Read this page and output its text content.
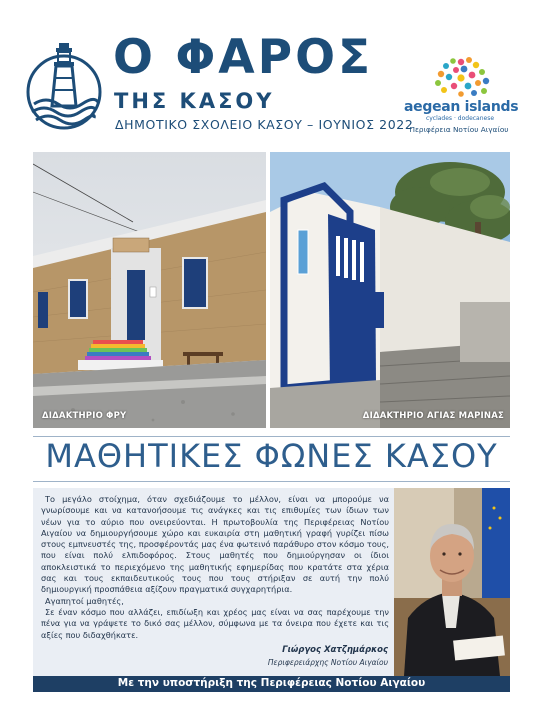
Ο ΦΑΡΟΣ
ΤΗΣ ΚΑΣΟΥ
ΔΗΜΟΤΙΚΟ ΣΧΟΛΕΙΟ ΚΑΣΟΥ – ΙΟΥΝΙΟΣ 2022
aegean islands
cyclades · dodecanese
Περιφέρεια Νοτίου Αιγαίου
ΔΙΔΑΚΤΗΡΙΟ ΦΡΥ	ΔΙΔΑΚΤΗΡΙΟ ΑΓΙΑΣ ΜΑΡΙΝΑΣ
ΜΑΘΗΤΙΚΕΣ ΦΩΝΕΣ ΚΑΣΟΥ

Το μεγάλο στοίχημα, όταν σχεδιάζουμε το μέλλον, είναι να μπορούμε να γνωρίσουμε και να κατανοήσουμε τις ανάγκες και τις επιθυμίες των ίδιων των νέων για το αύριο που ονειρεύονται. Η πρωτοβουλία της Περιφέρειας Νοτίου Αιγαίου να δημιουργήσουμε χώρο και ευκαιρία στη μαθητική γραφή γυρίζει πίσω στους εμπνευστές της, προσφέροντάς μας ένα φωτεινό παράθυρο στον κόσμο τους, που είναι πολύ ελπιδοφόρος. Στους μαθητές που δημιούργησαν οι ίδιοι αποκλειστικά το περιεχόμενο της μαθητικής εφημερίδας που κρατάτε στα χέρια σας και τους εκπαιδευτικούς τους που τους στήριξαν σε αυτή την πολύ δημιουργική προσπάθεια αξίζουν πραγματικά συγχαρητήρια.

Αγαπητοί μαθητές,

Σε έναν κόσμο που αλλάζει, επιδίωξη και χρέος μας είναι να σας παρέχουμε την πένα για να γράψετε το δικό σας μέλλον, σύμφωνα με τα όνειρα που έχετε και τις αξίες που διδαχθήκατε.

Γιώργος Χατζημάρκος
Περιφερειάρχης Νοτίου Αιγαίου
Με την υποστήριξη της Περιφέρειας Νοτίου Αιγαίου
